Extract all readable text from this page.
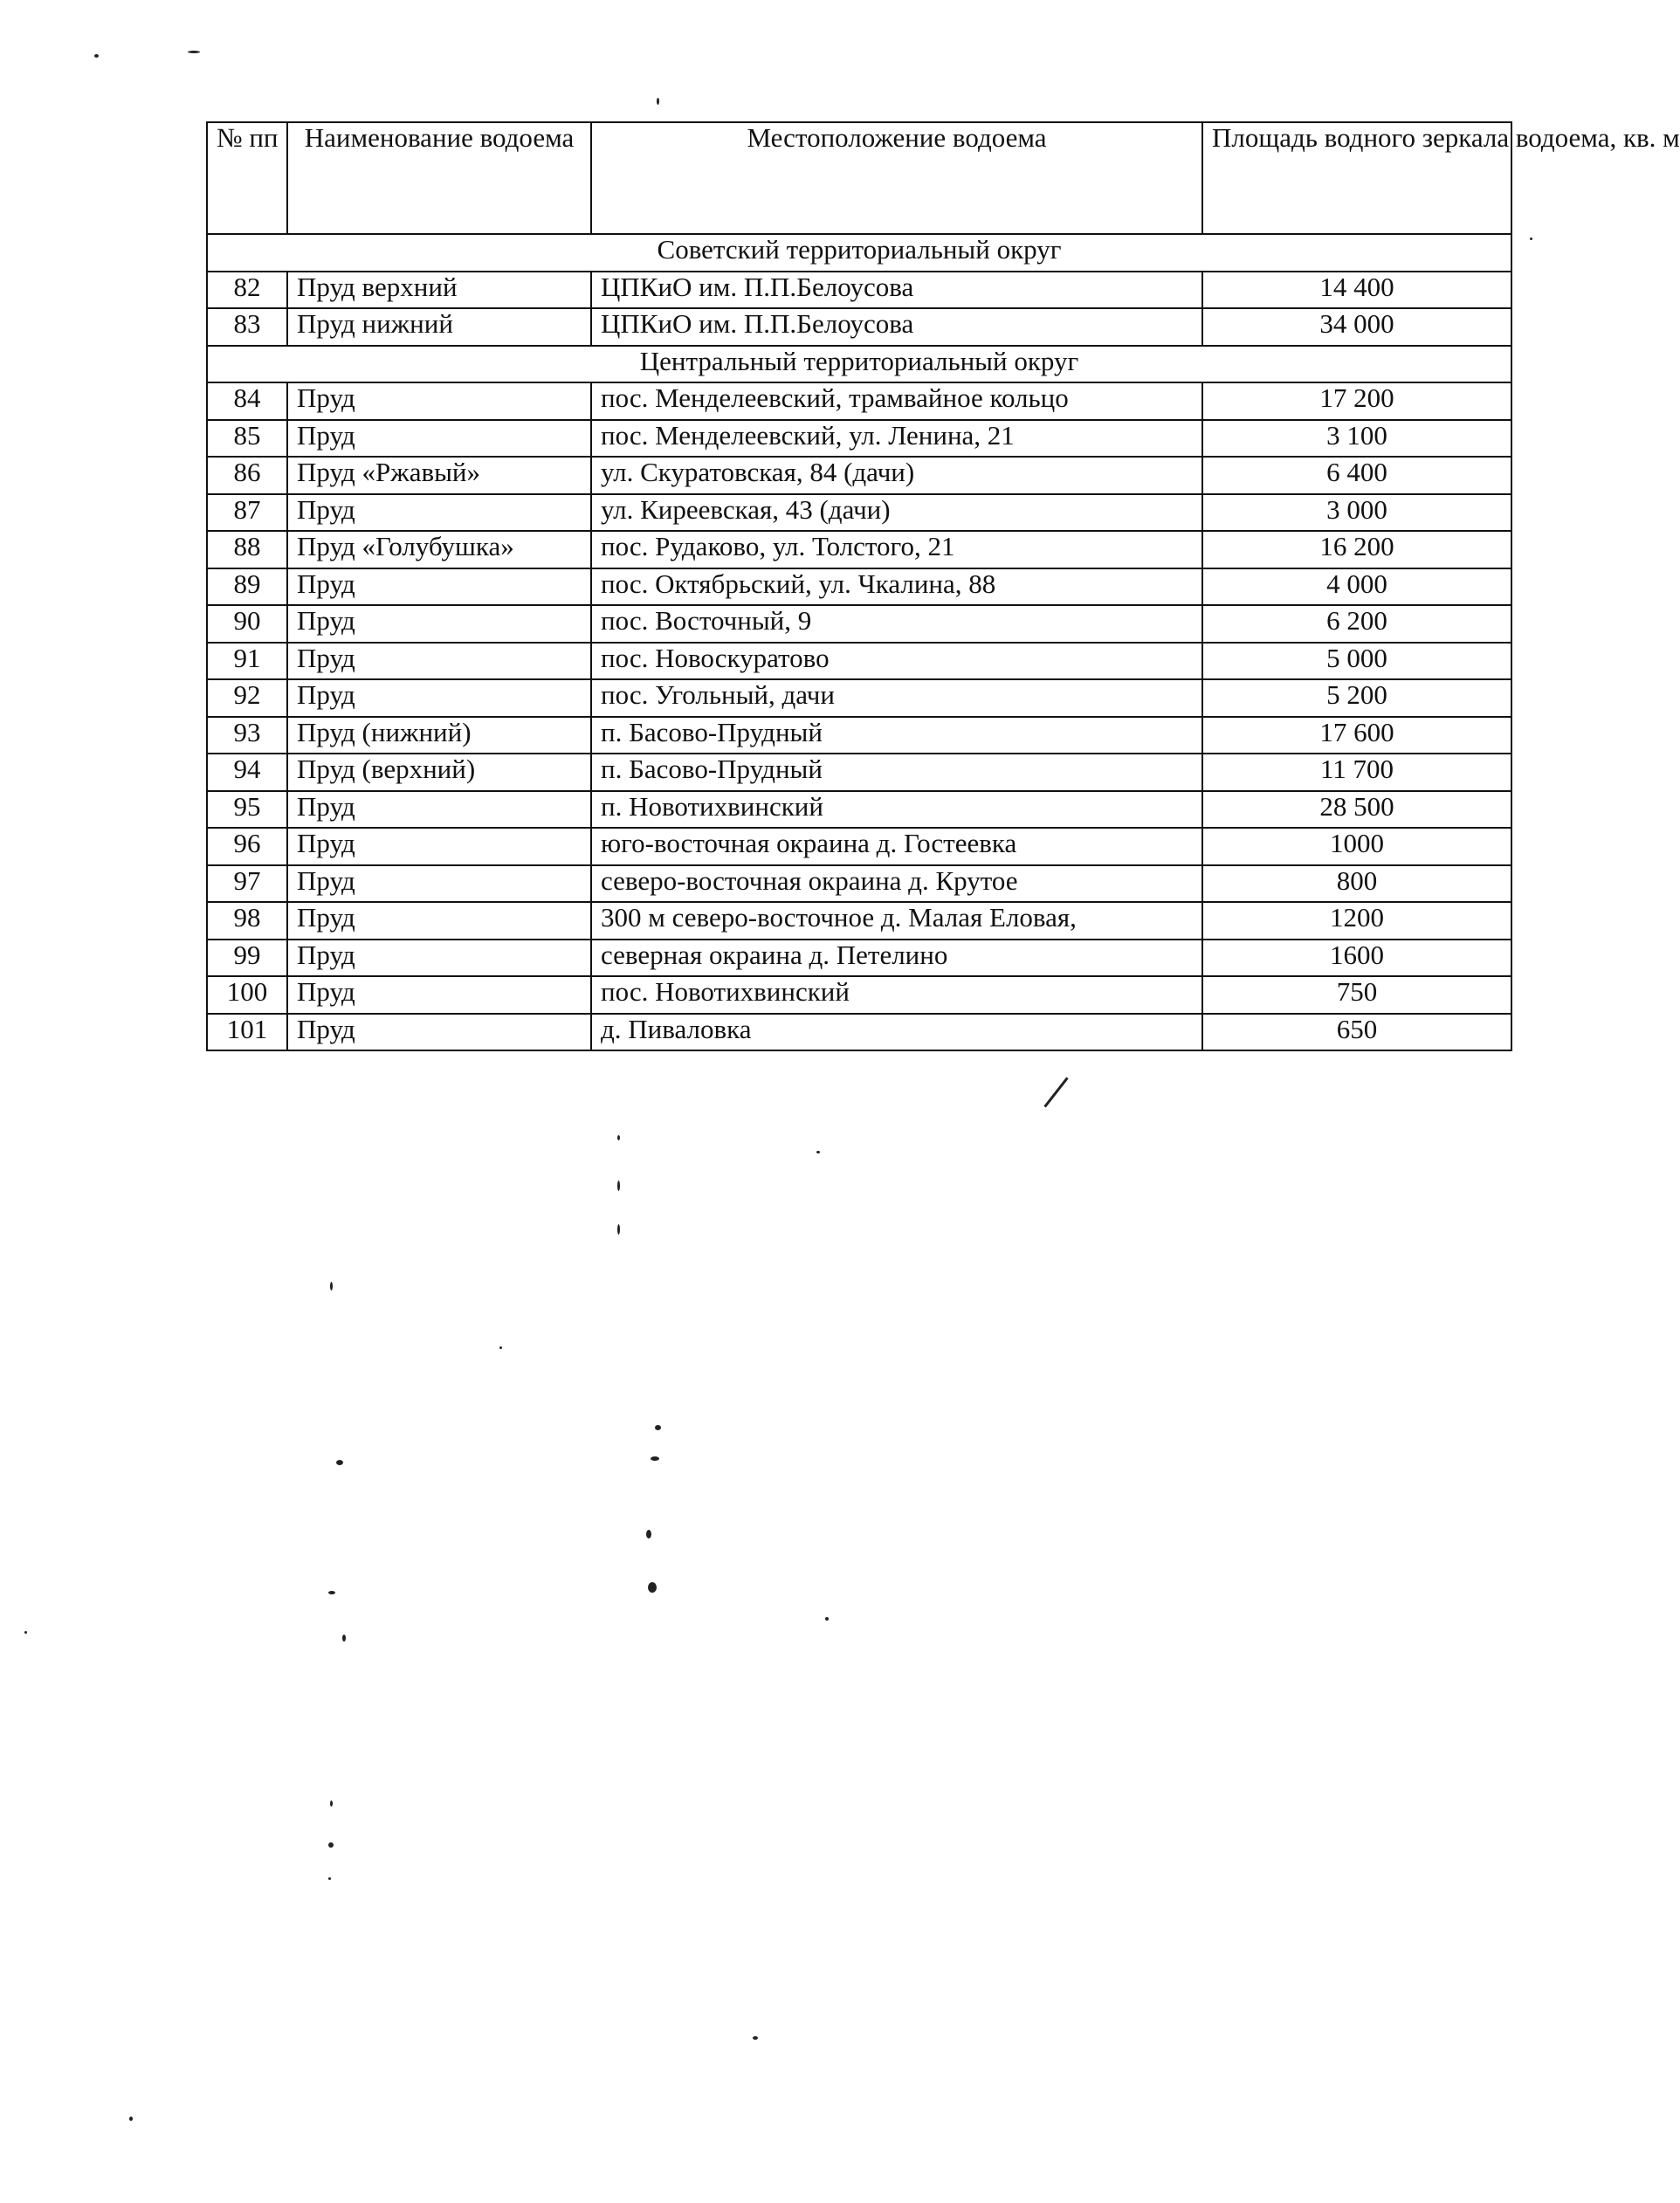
№ пп	Наименование водоема	Местоположение водоема	Площадь водного зеркала водоема, кв. м
Советский территориальный округ			
82	Пруд верхний	ЦПКиО им. П.П.Белоусова	14 400
83	Пруд нижний	ЦПКиО им. П.П.Белоусова	34 000
Центральный территориальный округ			
84	Пруд	пос. Менделеевский, трамвайное кольцо	17 200
85	Пруд	пос. Менделеевский, ул. Ленина, 21	3 100
86	Пруд «Ржавый»	ул. Скуратовская, 84 (дачи)	6 400
87	Пруд	ул. Киреевская, 43 (дачи)	3 000
88	Пруд «Голубушка»	пос. Рудаково, ул. Толстого, 21	16 200
89	Пруд	пос. Октябрьский, ул. Чкалина, 88	4 000
90	Пруд	пос. Восточный, 9	6 200
91	Пруд	пос. Новоскуратово	5 000
92	Пруд	пос. Угольный, дачи	5 200
93	Пруд (нижний)	п. Басово-Прудный	17 600
94	Пруд (верхний)	п. Басово-Прудный	11 700
95	Пруд	п. Новотихвинский	28 500
96	Пруд	юго-восточная окраина д. Гостеевка	1000
97	Пруд	северо-восточная окраина д. Крутое	800
98	Пруд	300 м северо-восточное д. Малая Еловая,	1200
99	Пруд	северная окраина д. Петелино	1600
100	Пруд	пос. Новотихвинский	750
101	Пруд	д. Пиваловка	650
